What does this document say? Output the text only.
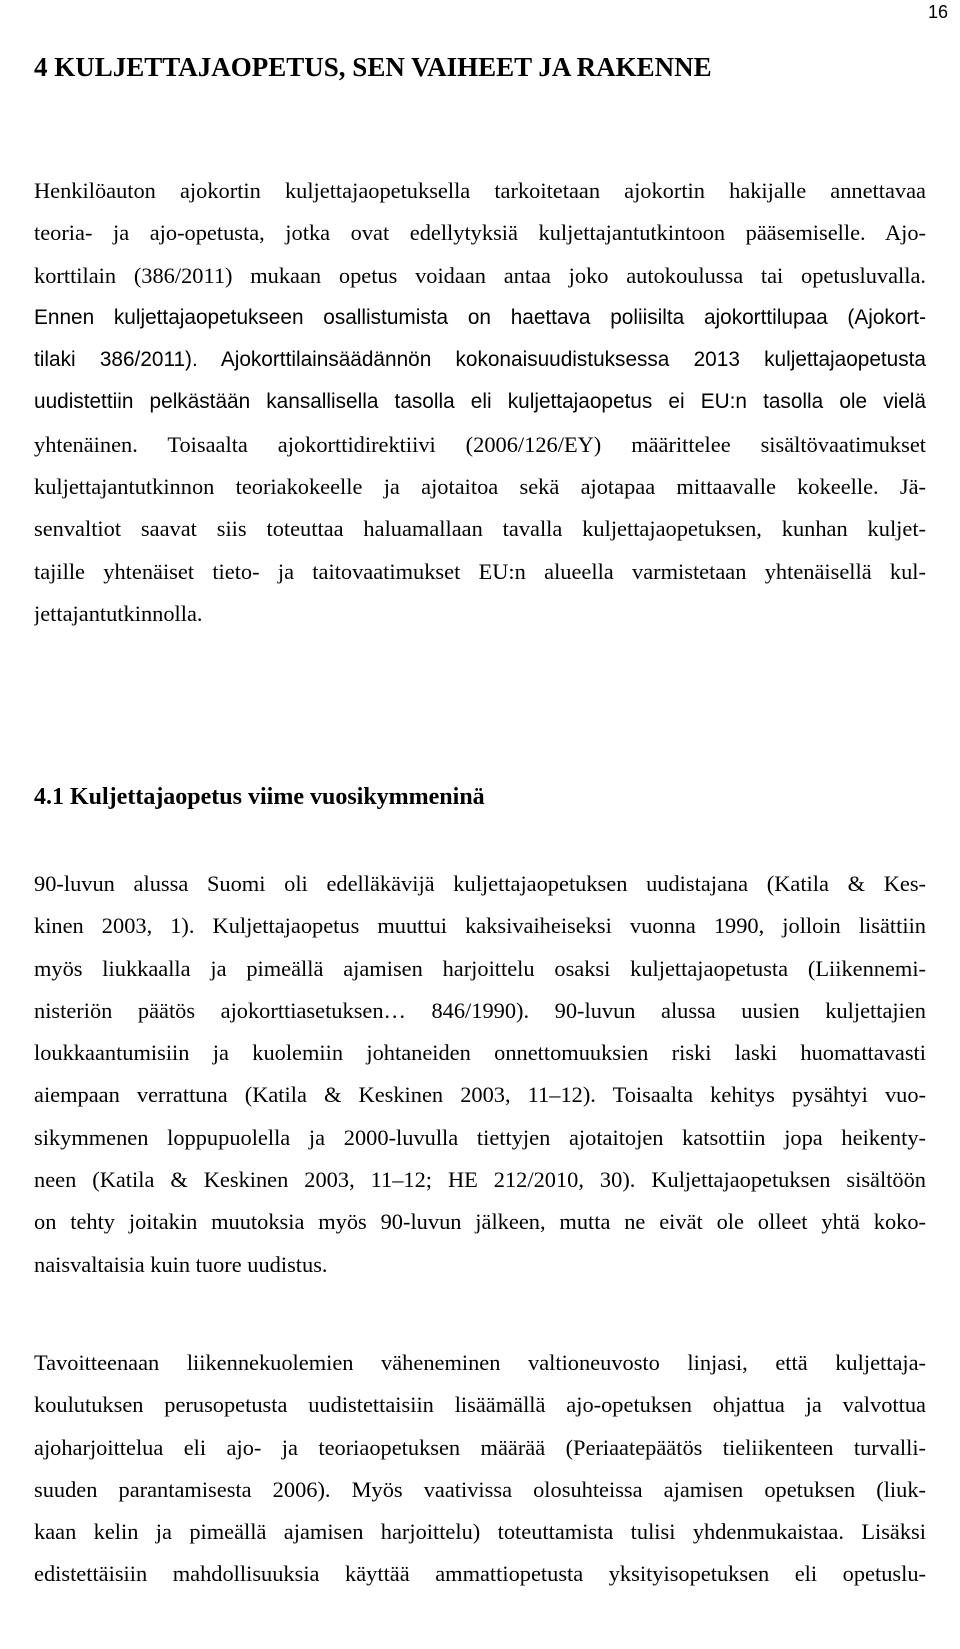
16
4 KULJETTAJAOPETUS, SEN VAIHEET JA RAKENNE
Henkilöauton ajokortin kuljettajaopetuksella tarkoitetaan ajokortin hakijalle annettavaa
teoria- ja ajo-opetusta, jotka ovat edellytyksiä kuljettajantutkintoon pääsemiselle. Ajo-
korttilain (386/2011) mukaan opetus voidaan antaa joko autokoulussa tai opetusluvalla.
Ennen kuljettajaopetukseen osallistumista on haettava poliisilta ajokorttilupaa (Ajokort-
tilaki 386/2011). Ajokorttilainsäädännön kokonaisuudistuksessa 2013 kuljettajaopetusta
uudistettiin pelkästään kansallisella tasolla eli kuljettajaopetus ei EU:n tasolla ole vielä
yhtenäinen. Toisaalta ajokorttidirektiivi (2006/126/EY) määrittelee sisältövaatimukset
kuljettajantutkinnon teoriakokeelle ja ajotaitoa sekä ajotapaa mittaavalle kokeelle. Jä-
senvaltiot saavat siis toteuttaa haluamallaan tavalla kuljettajaopetuksen, kunhan kuljet-
tajille yhtenäiset tieto- ja taitovaatimukset EU:n alueella varmistetaan yhtenäisellä kul-
jettajantutkinnolla.
4.1 Kuljettajaopetus viime vuosikymmeninä
90-luvun alussa Suomi oli edelläkävijä kuljettajaopetuksen uudistajana (Katila & Kes-
kinen 2003, 1). Kuljettajaopetus muuttui kaksivaiheiseksi vuonna 1990, jolloin lisättiin
myös liukkaalla ja pimeällä ajamisen harjoittelu osaksi kuljettajaopetusta (Liikennemi-
nisteriön päätös ajokorttiasetuksen… 846/1990). 90-luvun alussa uusien kuljettajien
loukkaantumisiin ja kuolemiin johtaneiden onnettomuuksien riski laski huomattavasti
aiempaan verrattuna (Katila & Keskinen 2003, 11–12). Toisaalta kehitys pysähtyi vuo-
sikymmenen loppupuolella ja 2000-luvulla tiettyjen ajotaitojen katsottiin jopa heikenty-
neen (Katila & Keskinen 2003, 11–12; HE 212/2010, 30). Kuljettajaopetuksen sisältöön
on tehty joitakin muutoksia myös 90-luvun jälkeen, mutta ne eivät ole olleet yhtä koko-
naisvaltaisia kuin tuore uudistus.
Tavoitteenaan liikennekuolemien väheneminen valtioneuvosto linjasi, että kuljettaja-
koulutuksen perusopetusta uudistettaisiin lisäämällä ajo-opetuksen ohjattua ja valvottua
ajoharjoittelua eli ajo- ja teoriaopetuksen määrää (Periaatepäätös tieliikenteen turvalli-
suuden parantamisesta 2006). Myös vaativissa olosuhteissa ajamisen opetuksen (liuk-
kaan kelin ja pimeällä ajamisen harjoittelu) toteuttamista tulisi yhdenmukaistaa. Lisäksi
edistettäisiin mahdollisuuksia käyttää ammattiopetusta yksityisopetuksen eli opetuslu-
